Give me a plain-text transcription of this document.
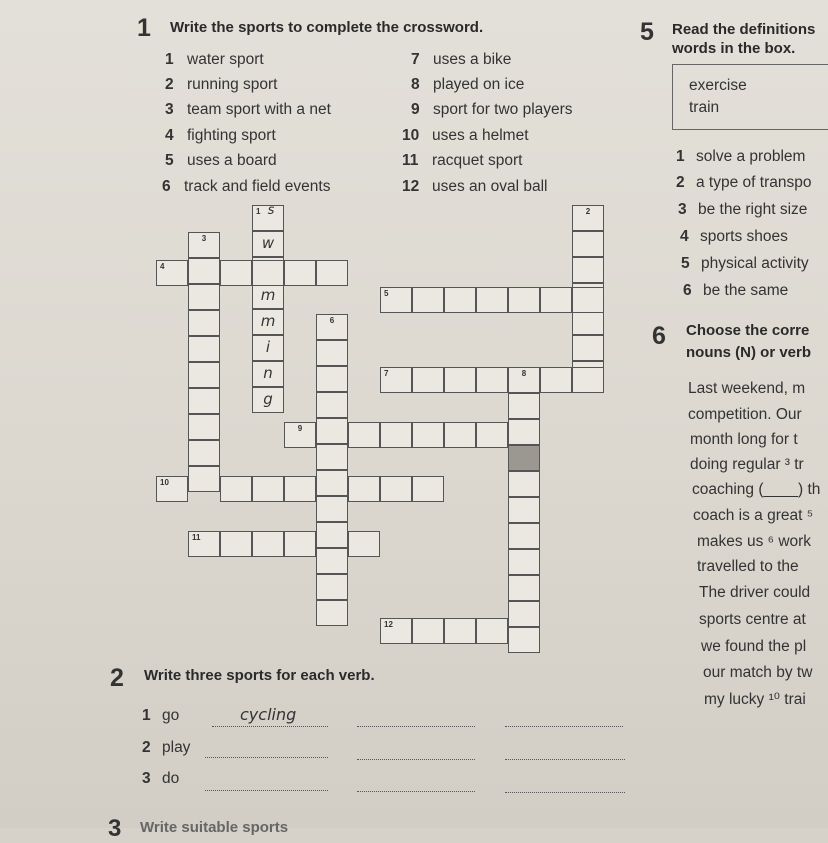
1 Write the sports to complete the crossword.
1 water sport
2 running sport
3 team sport with a net
4 fighting sport
5 uses a board
6 track and field events
7 uses a bike
8 played on ice
9 sport for two players
10 uses a helmet
11 racquet sport
12 uses an oval ball
1 s
w
m
m
i
n
g
2
3
4
5
6
7	8
9
10
11
12
2 Write three sports for each verb.
1 go
2 play
3 do
cycling
3 Write suitable sports
5 Read the definitions
words in the box.
exercise
train
1 solve a problem
2 a type of transpo
3 be the right size
4 sports shoes
5 physical activity
6 be the same
6 Choose the corre
nouns (N) or verb
Last weekend, m
competition. Our
month long for t
doing regular ³ tr
coaching (____) th
coach is a great ⁵
makes us ⁶ work
travelled to the
The driver could
sports centre at
we found the pl
our match by tw
my lucky ¹⁰ trai
